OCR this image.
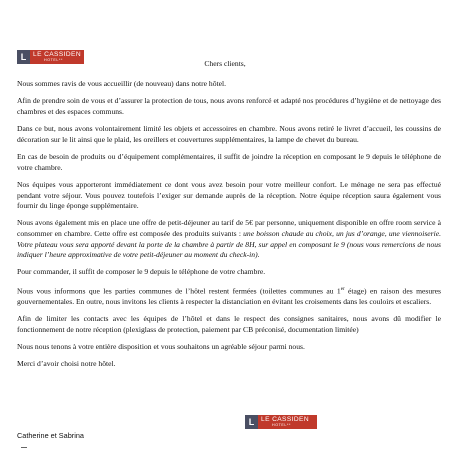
L	LE CASSIDEN
HOTEL**	Chers clients,

Nous sommes ravis de vous accueillir (de nouveau) dans notre hôtel.

Afin de prendre soin de vous et d’assurer la protection de tous, nous avons renforcé et adapté nos procédures d’hygiène et de nettoyage des chambres et des espaces communs.

Dans ce but, nous avons volontairement limité les objets et accessoires en chambre. Nous avons retiré le livret d’accueil, les coussins de décoration sur le lit ainsi que le plaid, les oreillers et couvertures supplémentaires, la lampe de chevet du bureau.

En cas de besoin de produits ou d’équipement complémentaires, il suffit de joindre la réception en composant le 9 depuis le téléphone de votre chambre.

Nos équipes vous apporteront immédiatement ce dont vous avez besoin pour votre meilleur confort. Le ménage ne sera pas effectué pendant votre séjour. Vous pouvez toutefois l’exiger sur demande auprès de la réception. Notre équipe réception saura également vous fournir du linge éponge supplémentaire.

Nous avons également mis en place une offre de petit-déjeuner au tarif de 5€ par personne, uniquement disponible en offre room service à consommer en chambre. Cette offre est composée des produits suivants : une boisson chaude au choix, un jus d’orange, une viennoiserie. Votre plateau vous sera apporté devant la porte de la chambre à partir de 8H, sur appel en composant le 9 (nous vous remercions de nous indiquer l’heure approximative de votre petit-déjeuner au moment du check-in).

Pour commander, il suffit de composer le 9 depuis le téléphone de votre chambre.

Nous vous informons que les parties communes de l’hôtel restent fermées (toilettes communes au 1er étage) en raison des mesures gouvernementales. En outre, nous invitons les clients à respecter la distanciation en évitant les croisements dans les couloirs et escaliers.

Afin de limiter les contacts avec les équipes de l’hôtel et dans le respect des consignes sanitaires, nous avons dû modifier le fonctionnement de notre réception (plexiglass de protection, paiement par CB préconisé, documentation limitée)

Nous nous tenons à votre entière disposition et vous souhaitons un agréable séjour parmi nous.

Merci d’avoir choisi notre hôtel.

L	LE CASSIDEN
HOTEL**
Catherine et Sabrina
